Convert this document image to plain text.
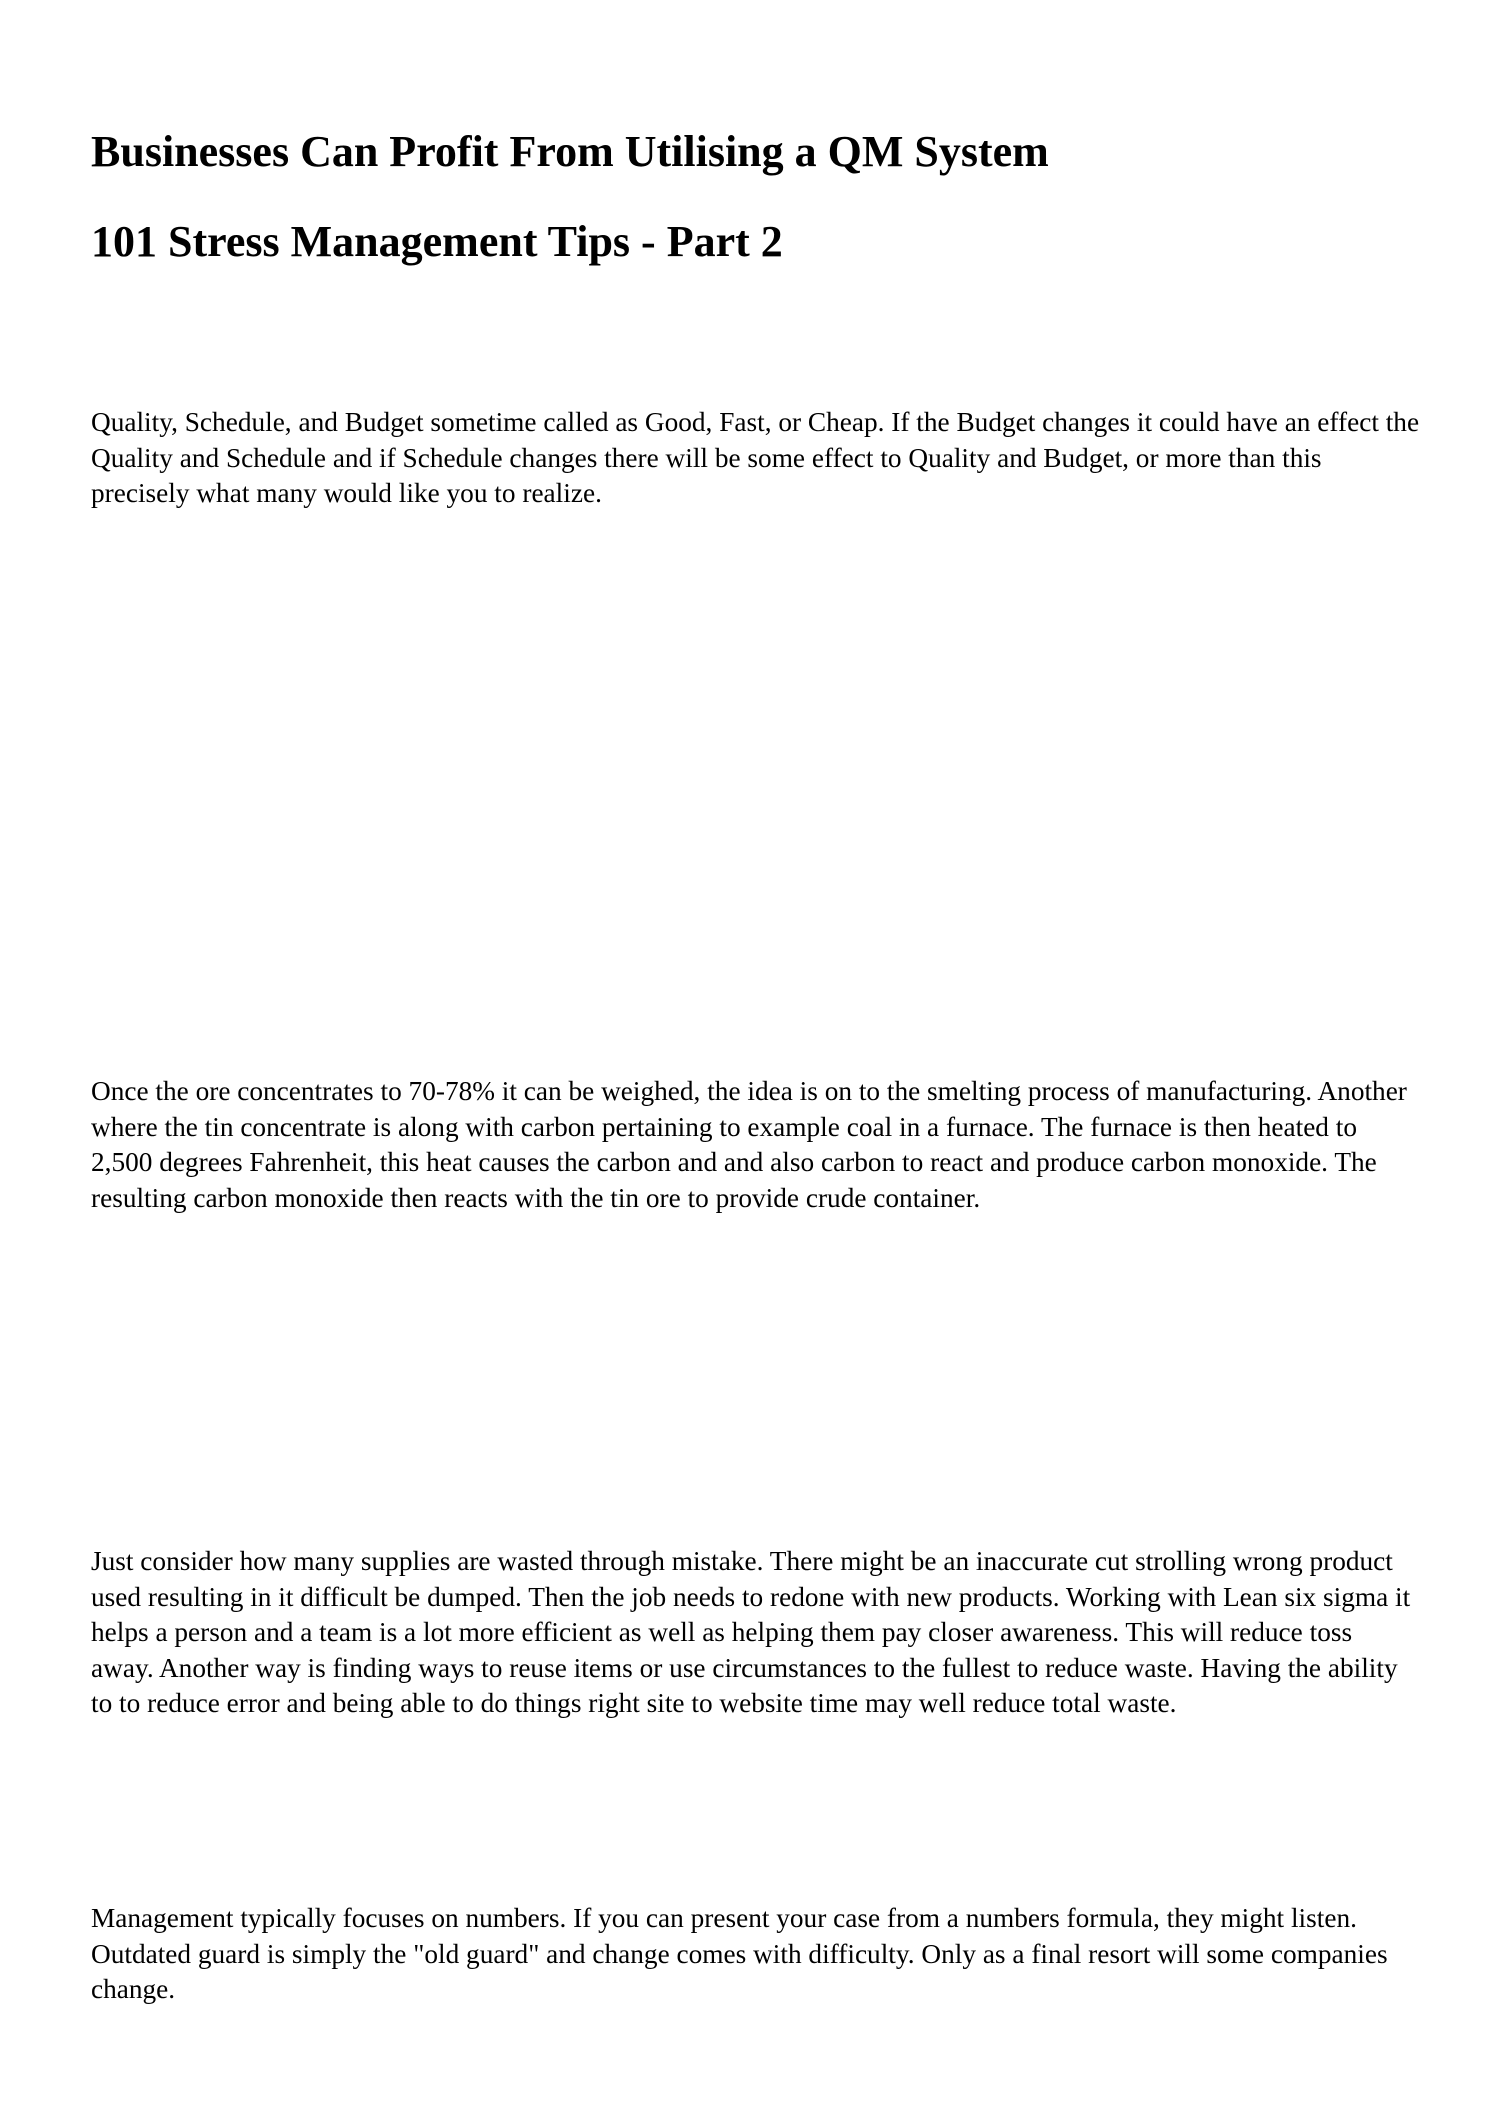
Businesses Can Profit From Utilising a QM System
101 Stress Management Tips - Part 2

Quality, Schedule, and Budget sometime called as Good, Fast, or Cheap. If the Budget changes it could have an effect the Quality and Schedule and if Schedule changes there will be some effect to Quality and Budget, or more than this precisely what many would like you to realize.

Once the ore concentrates to 70-78% it can be weighed, the idea is on to the smelting process of manufacturing. Another where the tin concentrate is along with carbon pertaining to example coal in a furnace. The furnace is then heated to 2,500 degrees Fahrenheit, this heat causes the carbon and and also carbon to react and produce carbon monoxide. The resulting carbon monoxide then reacts with the tin ore to provide crude container.

Just consider how many supplies are wasted through mistake. There might be an inaccurate cut strolling wrong product used resulting in it difficult be dumped. Then the job needs to redone with new products. Working with Lean six sigma it helps a person and a team is a lot more efficient as well as helping them pay closer awareness. This will reduce toss away. Another way is finding ways to reuse items or use circumstances to the fullest to reduce waste. Having the ability to to reduce error and being able to do things right site to website time may well reduce total waste.

Management typically focuses on numbers. If you can present your case from a numbers formula, they might listen. Outdated guard is simply the "old guard" and change comes with difficulty. Only as a final resort will some companies change.
